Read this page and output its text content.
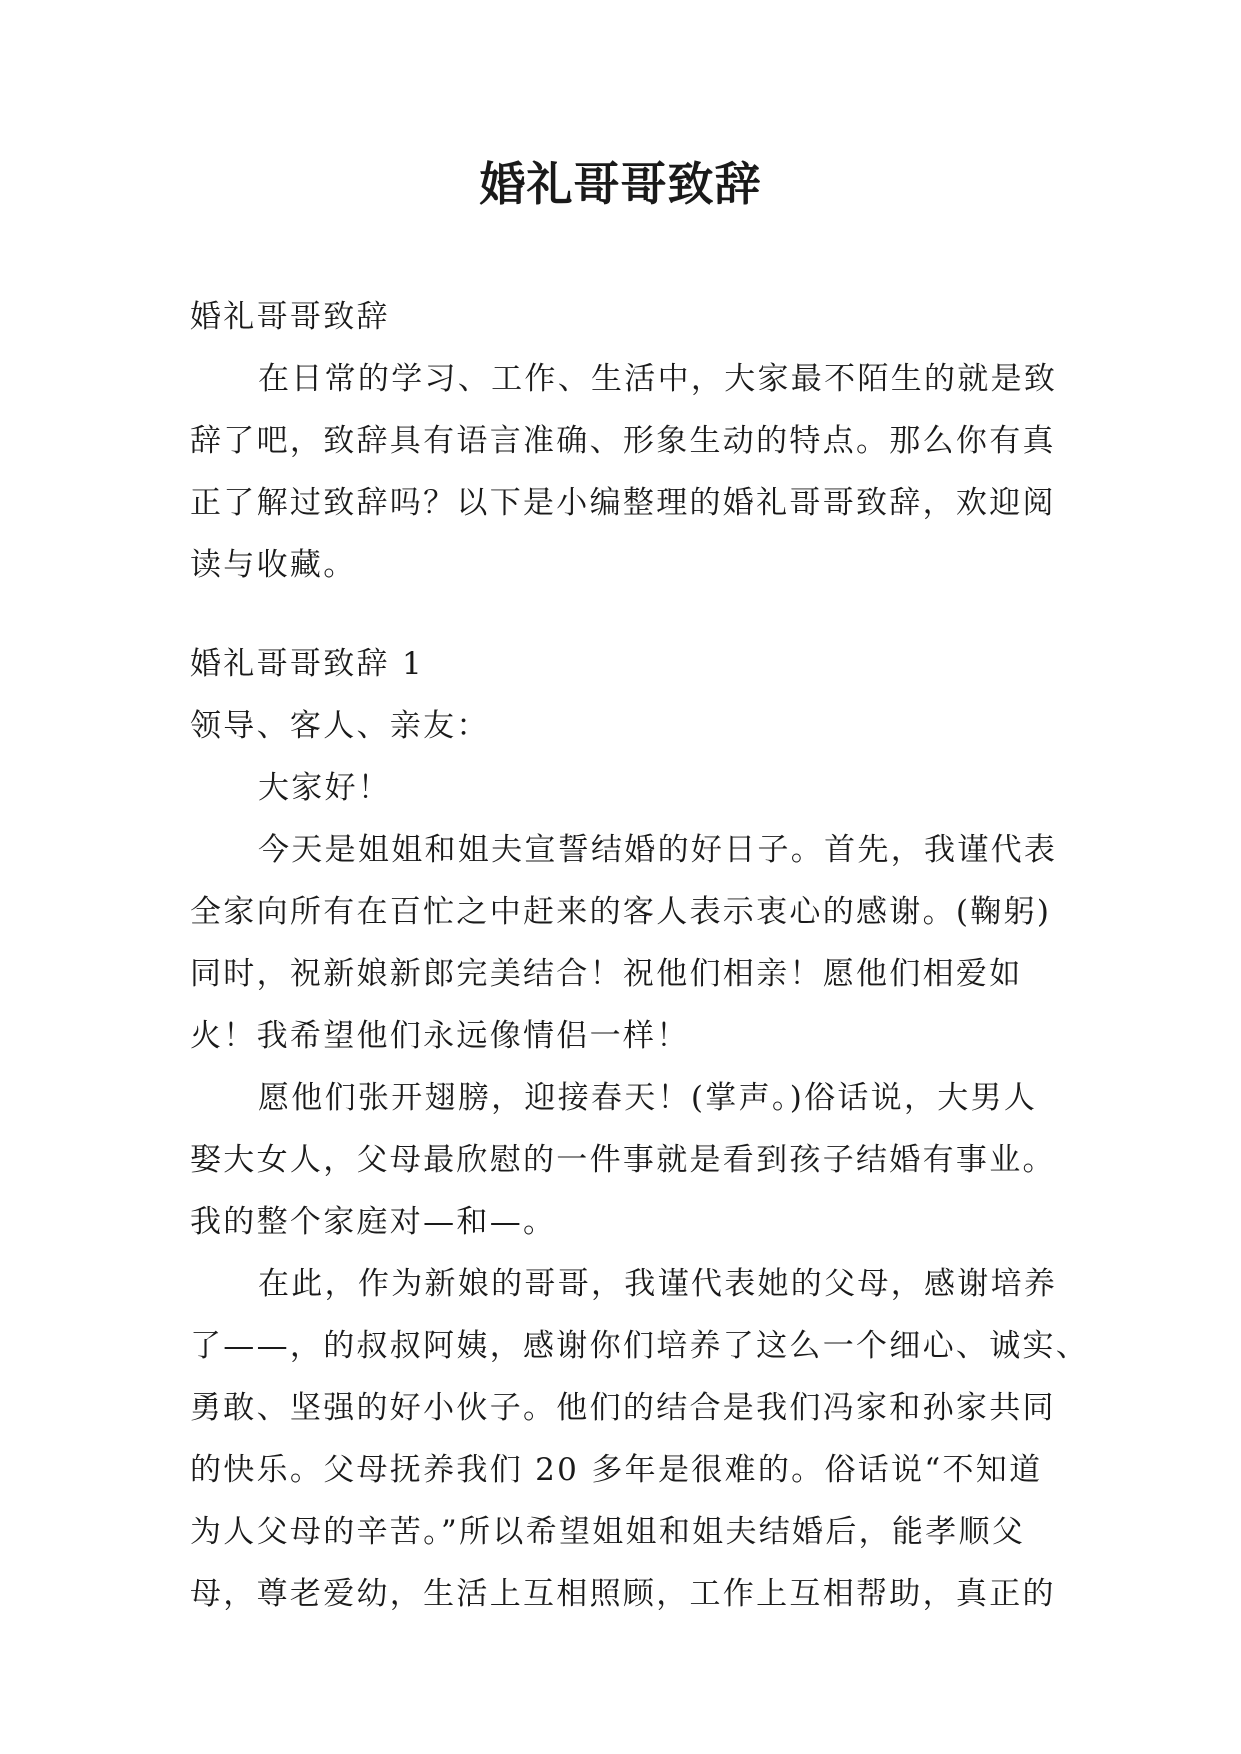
婚礼哥哥致辞
婚礼哥哥致辞
在日常的学习、工作、生活中，大家最不陌生的就是致
辞了吧，致辞具有语言准确、形象生动的特点。那么你有真
正了解过致辞吗？以下是小编整理的婚礼哥哥致辞，欢迎阅
读与收藏。
婚礼哥哥致辞 1
领导、客人、亲友：
大家好！
今天是姐姐和姐夫宣誓结婚的好日子。首先，我谨代表
全家向所有在百忙之中赶来的客人表示衷心的感谢。(鞠躬)
同时，祝新娘新郎完美结合！祝他们相亲！愿他们相爱如
火！我希望他们永远像情侣一样！
愿他们张开翅膀，迎接春天！(掌声。)俗话说，大男人
娶大女人，父母最欣慰的一件事就是看到孩子结婚有事业。
我的整个家庭对—和—。
在此，作为新娘的哥哥，我谨代表她的父母，感谢培养
了——，的叔叔阿姨，感谢你们培养了这么一个细心、诚实、
勇敢、坚强的好小伙子。他们的结合是我们冯家和孙家共同
的快乐。父母抚养我们 20 多年是很难的。俗话说“不知道
为人父母的辛苦。”所以希望姐姐和姐夫结婚后，能孝顺父
母，尊老爱幼，生活上互相照顾，工作上互相帮助，真正的
